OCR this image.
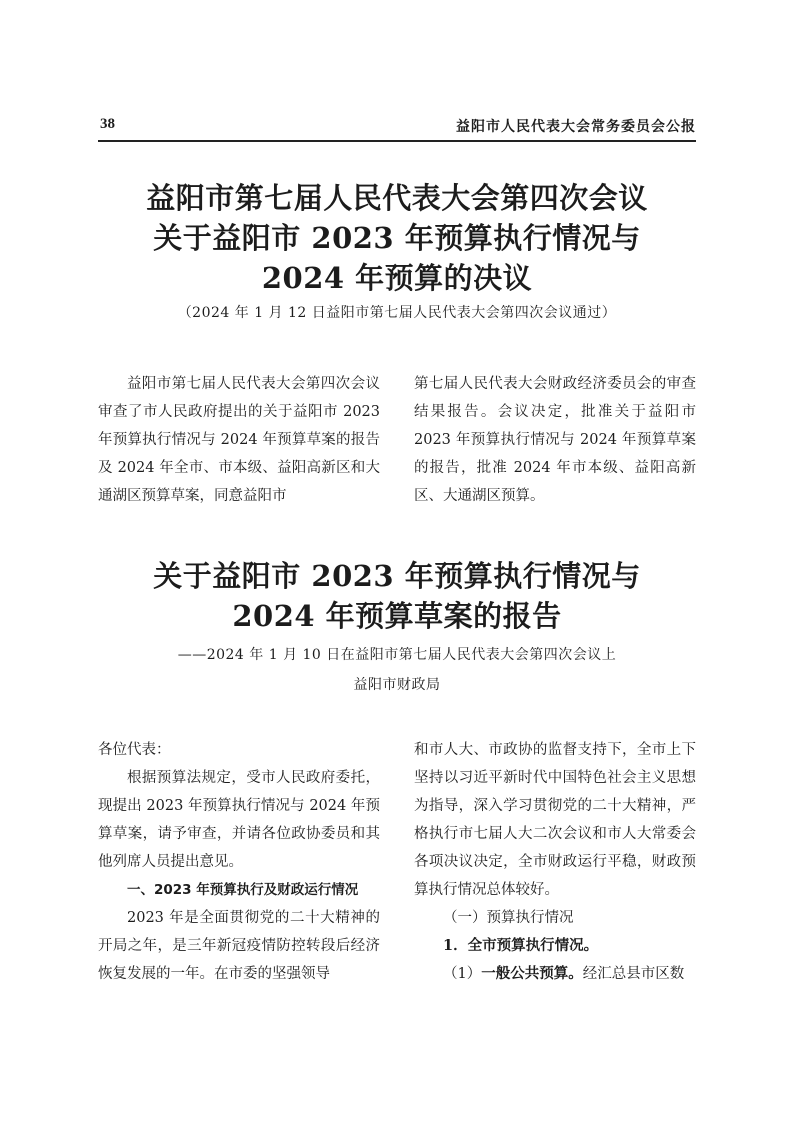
38	益阳市人民代表大会常务委员会公报

益阳市第七届人民代表大会第四次会议

关于益阳市 2023 年预算执行情况与

2024 年预算的决议

（2024 年 1 月 12 日益阳市第七届人民代表大会第四次会议通过）

益阳市第七届人民代表大会第四次会议审查了市人民政府提出的关于益阳市 2023 年预算执行情况与 2024 年预算草案的报告及 2024 年全市、市本级、益阳高新区和大通湖区预算草案，同意益阳市

第七届人民代表大会财政经济委员会的审查结果报告。会议决定，批准关于益阳市 2023 年预算执行情况与 2024 年预算草案的报告，批准 2024 年市本级、益阳高新区、大通湖区预算。

关于益阳市 2023 年预算执行情况与

2024 年预算草案的报告

——2024 年 1 月 10 日在益阳市第七届人民代表大会第四次会议上
益阳市财政局

各位代表：

根据预算法规定，受市人民政府委托，现提出 2023 年预算执行情况与 2024 年预算草案，请予审查，并请各位政协委员和其他列席人员提出意见。

一、2023 年预算执行及财政运行情况

2023 年是全面贯彻党的二十大精神的开局之年，是三年新冠疫情防控转段后经济恢复发展的一年。在市委的坚强领导

和市人大、市政协的监督支持下，全市上下坚持以习近平新时代中国特色社会主义思想为指导，深入学习贯彻党的二十大精神，严格执行市七届人大二次会议和市人大常委会各项决议决定，全市财政运行平稳，财政预算执行情况总体较好。

（一）预算执行情况

1．全市预算执行情况。

（1）一般公共预算。经汇总县市区数
